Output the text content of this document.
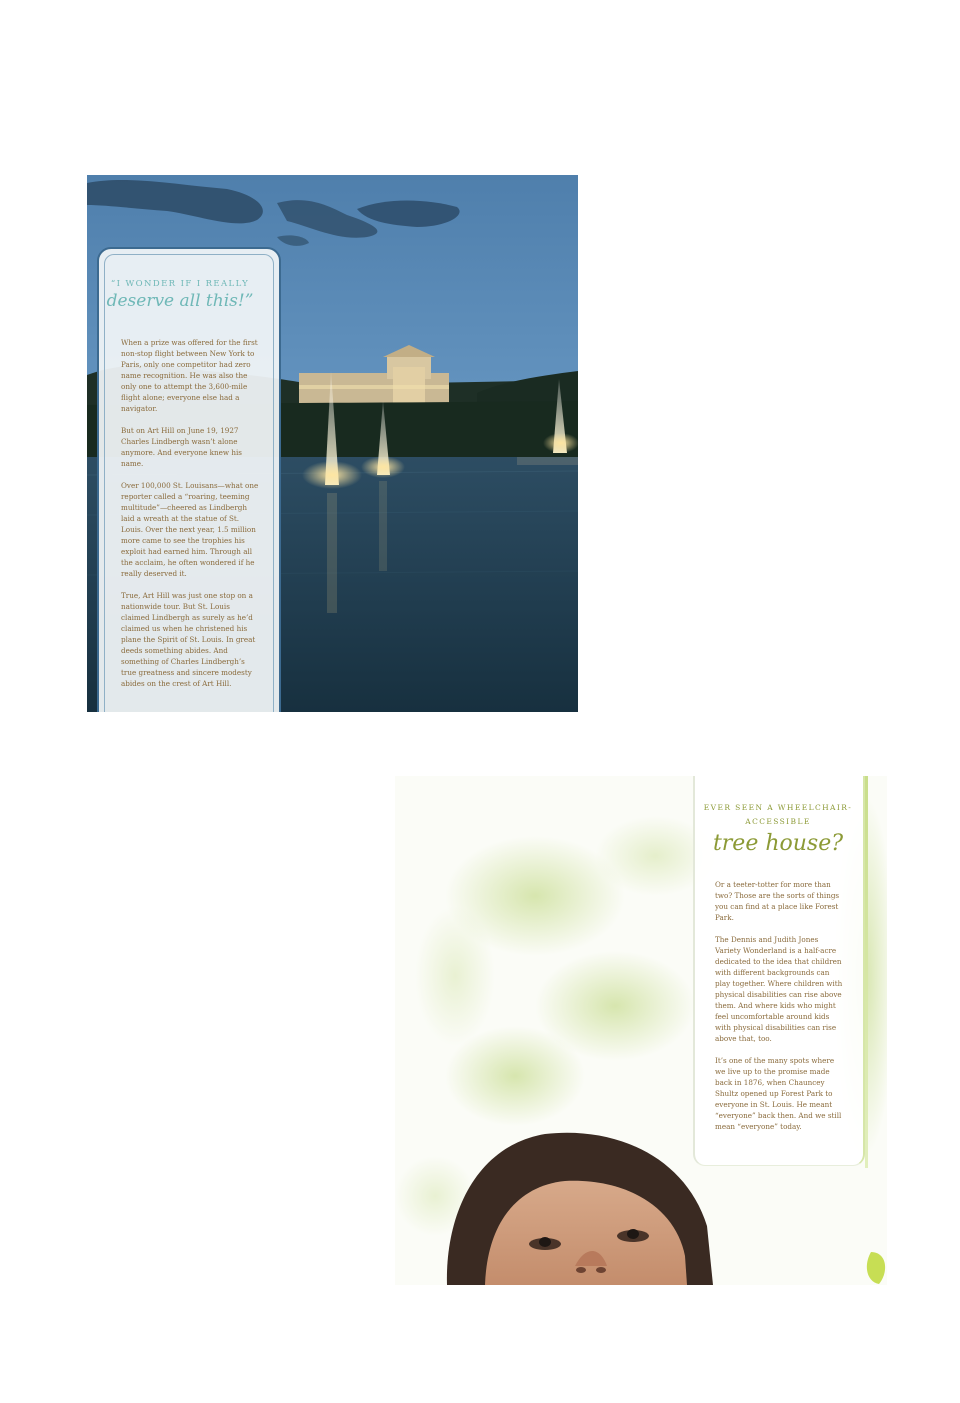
“I WONDER IF I REALLY
deserve all this!”

When a prize was offered for the first non-stop flight between New York to Paris, only one competitor had zero name recognition. He was also the only one to attempt the 3,600-mile flight alone; everyone else had a navigator.

But on Art Hill on June 19, 1927 Charles Lindbergh wasn’t alone anymore. And everyone knew his name.

Over 100,000 St. Louisans—what one reporter called a “roaring, teeming multitude”—cheered as Lindbergh laid a wreath at the statue of St. Louis. Over the next year, 1.5 million more came to see the trophies his exploit had earned him. Through all the acclaim, he often wondered if he really deserved it.

True, Art Hill was just one stop on a nationwide tour. But St. Louis claimed Lindbergh as surely as he’d claimed us when he christened his plane the Spirit of St. Louis. In great deeds something abides. And something of Charles Lindbergh’s true greatness and sincere modesty abides on the crest of Art Hill.

EVER SEEN A WHEELCHAIR-ACCESSIBLE
tree house?

Or a teeter-totter for more than two? Those are the sorts of things you can find at a place like Forest Park.

The Dennis and Judith Jones Variety Wonderland is a half-acre dedicated to the idea that children with different backgrounds can play together. Where children with physical disabilities can rise above them. And where kids who might feel uncomfortable around kids with physical disabilities can rise above that, too.

It’s one of the many spots where we live up to the promise made back in 1876, when Chauncey Shultz opened up Forest Park to everyone in St. Louis. He meant “everyone” back then. And we still mean “everyone” today.
